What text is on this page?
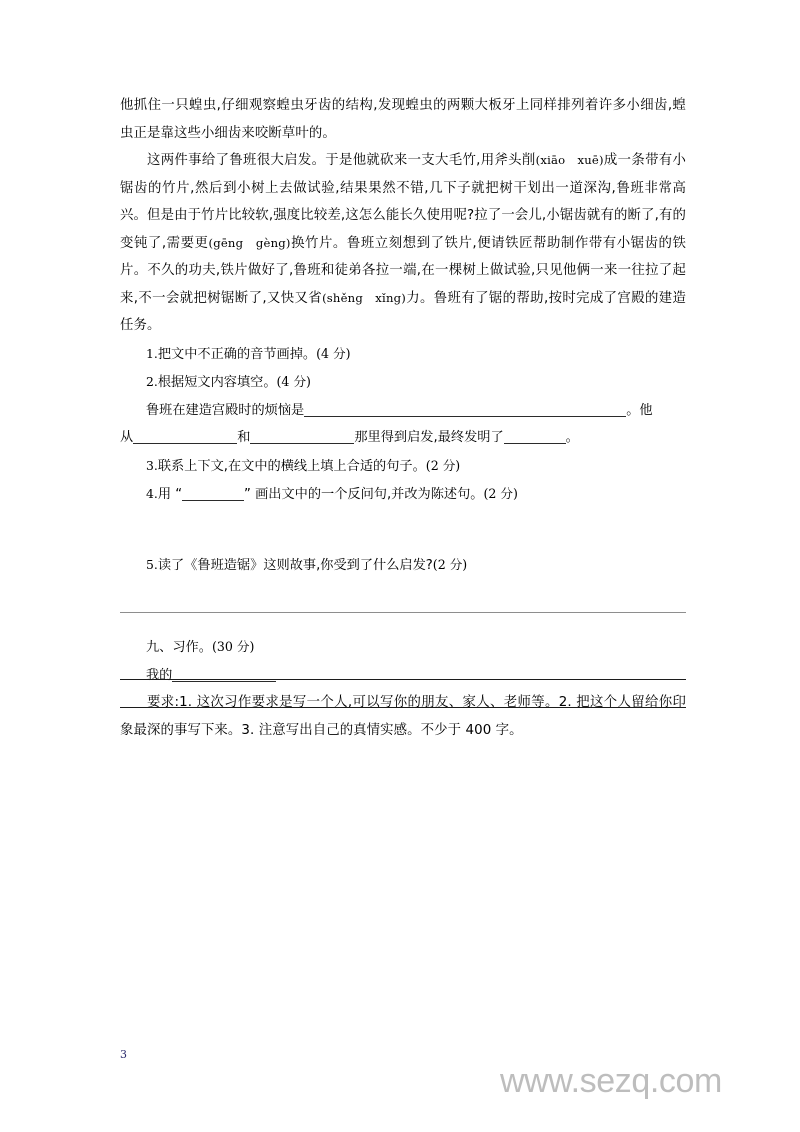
他抓住一只蝗虫,仔细观察蝗虫牙齿的结构,发现蝗虫的两颗大板牙上同样排列着许多小细齿,蝗虫正是靠这些小细齿来咬断草叶的。

这两件事给了鲁班很大启发。于是他就砍来一支大毛竹,用斧头削(xiāo　xuē)成一条带有小锯齿的竹片,然后到小树上去做试验,结果果然不错,几下子就把树干划出一道深沟,鲁班非常高兴。但是由于竹片比较软,强度比较差,这怎么能长久使用呢?拉了一会儿,小锯齿就有的断了,有的变钝了,需要更(gēng　gèng)换竹片。鲁班立刻想到了铁片,便请铁匠帮助制作带有小锯齿的铁片。不久的功夫,铁片做好了,鲁班和徒弟各拉一端,在一棵树上做试验,只见他俩一来一往拉了起来,不一会就把树锯断了,又快又省(shěng　xǐng)力。鲁班有了锯的帮助,按时完成了宫殿的建造任务。

1.把文中不正确的音节画掉。(4 分)

2.根据短文内容填空。(4 分)

鲁班在建造宫殿时的烦恼是	。他

从	和	那里得到启发,最终发明了	。

3.联系上下文,在文中的横线上填上合适的句子。(2 分)

4.用 “	” 画出文中的一个反问句,并改为陈述句。(2 分)

5.读了《鲁班造锯》这则故事,你受到了什么启发?(2 分)

九、习作。(30 分)

我的

要求:1. 这次习作要求是写一个人,可以写你的朋友、家人、老师等。2. 把这个人留给你印象最深的事写下来。3. 注意写出自己的真情实感。不少于 400 字。

3
www.sezq.com
